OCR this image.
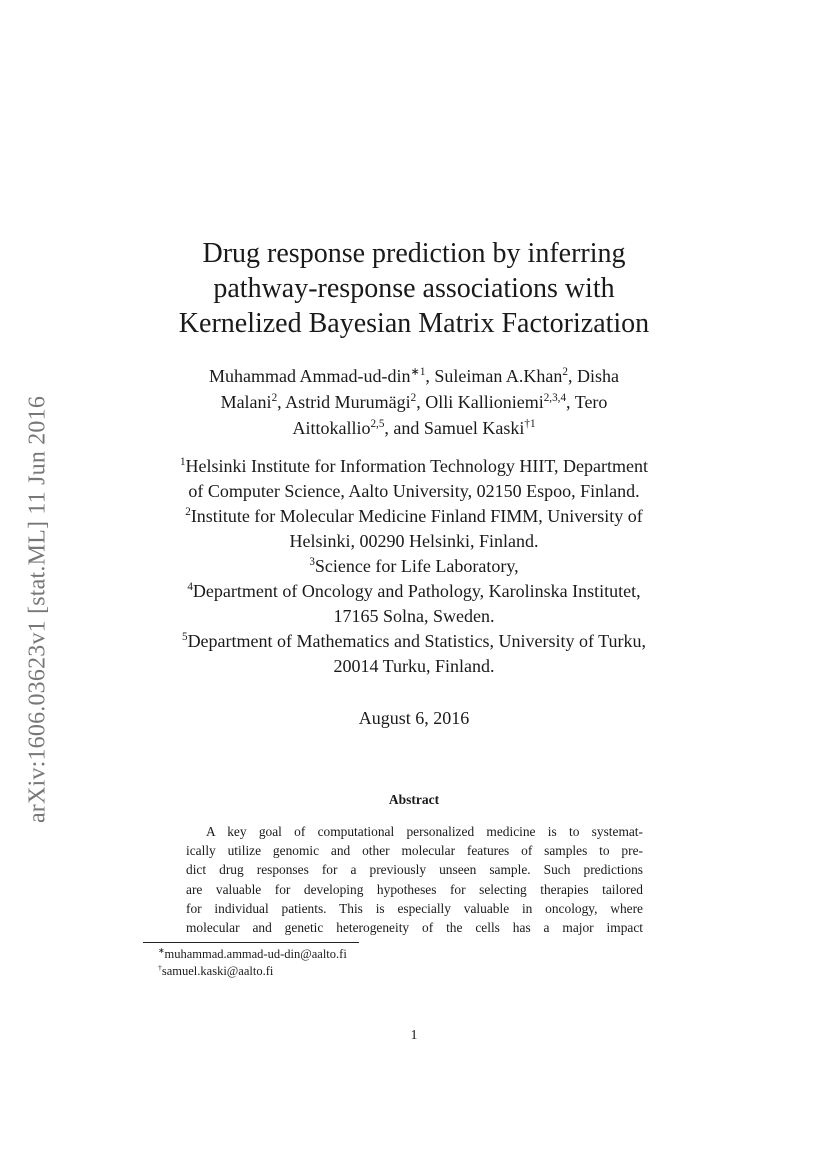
arXiv:1606.03623v1 [stat.ML] 11 Jun 2016
Drug response prediction by inferring
pathway-response associations with
Kernelized Bayesian Matrix Factorization
Muhammad Ammad-ud-din$^{∗1}$, Suleiman A.Khan$^2$, Disha
Malani$^2$, Astrid Murumägi$^2$, Olli Kallioniemi$^{2,3,4}$, Tero
Aittokallio$^{2,5}$, and Samuel Kaski$^{\dagger 1}$
$^1$Helsinki Institute for Information Technology HIIT, Department
of Computer Science, Aalto University, 02150 Espoo, Finland.
$^2$Institute for Molecular Medicine Finland FIMM, University of
Helsinki, 00290 Helsinki, Finland.
$^3$Science for Life Laboratory,
$^4$Department of Oncology and Pathology, Karolinska Institutet,
17165 Solna, Sweden.
$^5$Department of Mathematics and Statistics, University of Turku,
20014 Turku, Finland.
August 6, 2016
Abstract
A key goal of computational personalized medicine is to systemat-
ically utilize genomic and other molecular features of samples to pre-
dict drug responses for a previously unseen sample. Such predictions
are valuable for developing hypotheses for selecting therapies tailored
for individual patients. This is especially valuable in oncology, where
molecular and genetic heterogeneity of the cells has a major impact
∗muhammad.ammad-ud-din@aalto.fi
†samuel.kaski@aalto.fi
1
